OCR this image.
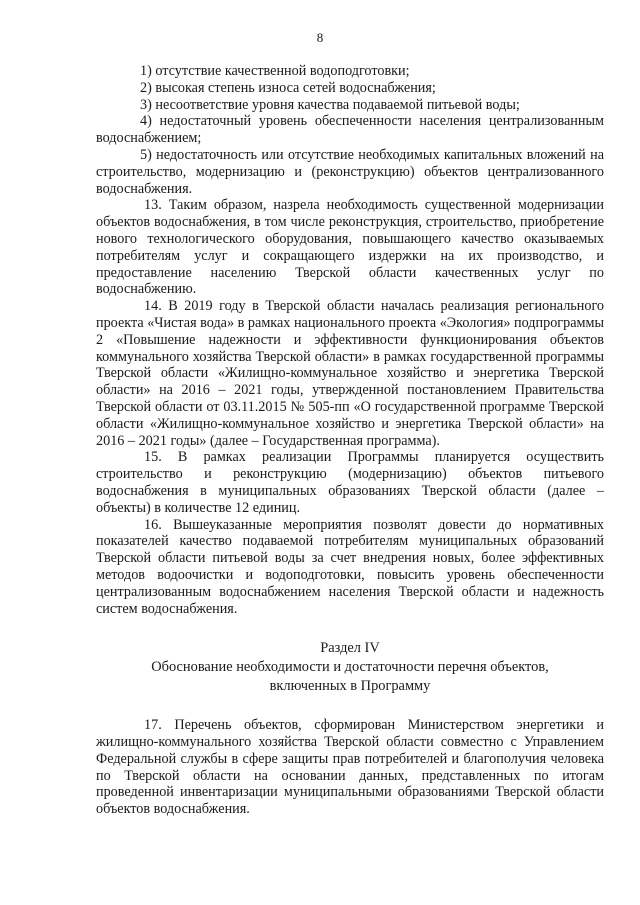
8

1) отсутствие качественной водоподготовки;

2) высокая степень износа сетей водоснабжения;

3) несоответствие уровня качества подаваемой питьевой воды;

4) недостаточный уровень обеспеченности населения централизованным водоснабжением;

5) недостаточность или отсутствие необходимых капитальных вложений на строительство, модернизацию и (реконструкцию) объектов централизованного водоснабжения.

13. Таким образом, назрела необходимость существенной модернизации объектов водоснабжения, в том числе реконструкция, строительство, приобретение нового технологического оборудования, повышающего качество оказываемых потребителям услуг и сокращающего издержки на их производство, и предоставление населению Тверской области качественных услуг по водоснабжению.

14. В 2019 году в Тверской области началась реализация регионального проекта «Чистая вода» в рамках национального проекта «Экология» подпрограммы 2 «Повышение надежности и эффективности функционирования объектов коммунального хозяйства Тверской области» в рамках государственной программы Тверской области «Жилищно-коммунальное хозяйство и энергетика Тверской области» на 2016 – 2021 годы, утвержденной постановлением Правительства Тверской области от 03.11.2015 № 505-пп «О государственной программе Тверской области «Жилищно-коммунальное хозяйство и энергетика Тверской области» на 2016 – 2021 годы» (далее – Государственная программа).

15. В рамках реализации Программы планируется осуществить строительство и реконструкцию (модернизацию) объектов питьевого водоснабжения в муниципальных образованиях Тверской области (далее – объекты) в количестве 12 единиц.

16. Вышеуказанные мероприятия позволят довести до нормативных показателей качество подаваемой потребителям муниципальных образований Тверской области питьевой воды за счет внедрения новых, более эффективных методов водоочистки и водоподготовки, повысить уровень обеспеченности централизованным водоснабжением населения Тверской области и надежность систем водоснабжения.

Раздел IV

Обоснование необходимости и достаточности перечня объектов,

включенных в Программу

17. Перечень объектов, сформирован Министерством энергетики и жилищно-коммунального хозяйства Тверской области совместно с Управлением Федеральной службы в сфере защиты прав потребителей и благополучия человека по Тверской области на основании данных, представленных по итогам проведенной инвентаризации муниципальными образованиями Тверской области объектов водоснабжения.
